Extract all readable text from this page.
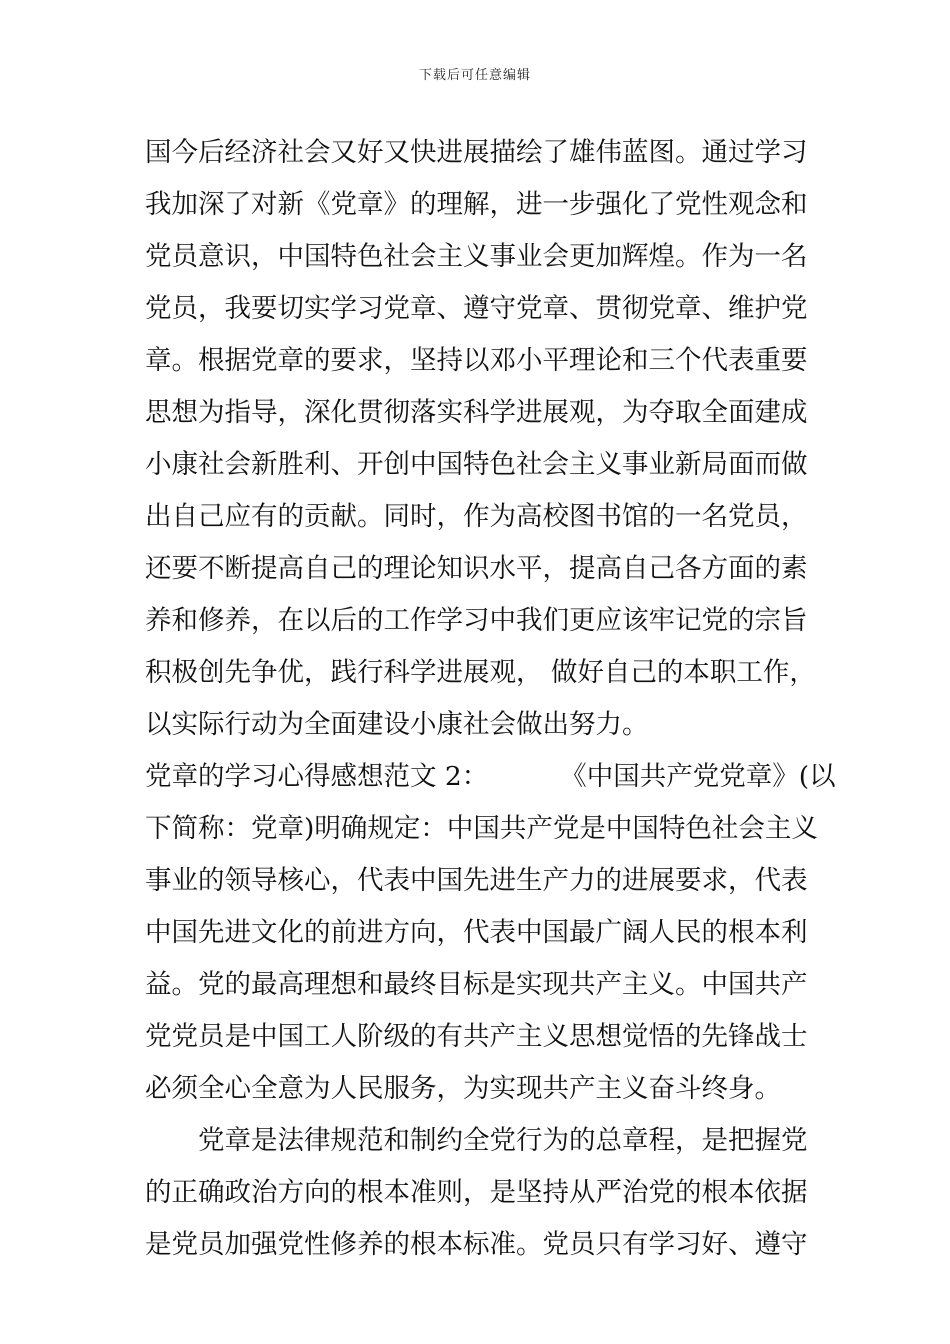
下载后可任意编辑
国今后经济社会又好又快进展描绘了雄伟蓝图。通过学习
我加深了对新《党章》的理解，进一步强化了党性观念和
党员意识，中国特色社会主义事业会更加辉煌。作为一名
党员，我要切实学习党章、遵守党章、贯彻党章、维护党
章。根据党章的要求，坚持以邓小平理论和三个代表重要
思想为指导，深化贯彻落实科学进展观，为夺取全面建成
小康社会新胜利、开创中国特色社会主义事业新局面而做
出自己应有的贡献。同时，作为高校图书馆的一名党员，
还要不断提高自己的理论知识水平，提高自己各方面的素
养和修养，在以后的工作学习中我们更应该牢记党的宗旨
积极创先争优，践行科学进展观， 做好自己的本职工作，
以实际行动为全面建设小康社会做出努力。
党章的学习心得感想范文 2：	《中国共产党党章》(以
下简称：党章)明确规定：中国共产党是中国特色社会主义
事业的领导核心，代表中国先进生产力的进展要求，代表
中国先进文化的前进方向，代表中国最广阔人民的根本利
益。党的最高理想和最终目标是实现共产主义。中国共产
党党员是中国工人阶级的有共产主义思想觉悟的先锋战士
必须全心全意为人民服务，为实现共产主义奋斗终身。
党章是法律规范和制约全党行为的总章程，是把握党
的正确政治方向的根本准则，是坚持从严治党的根本依据
是党员加强党性修养的根本标准。党员只有学习好、遵守
